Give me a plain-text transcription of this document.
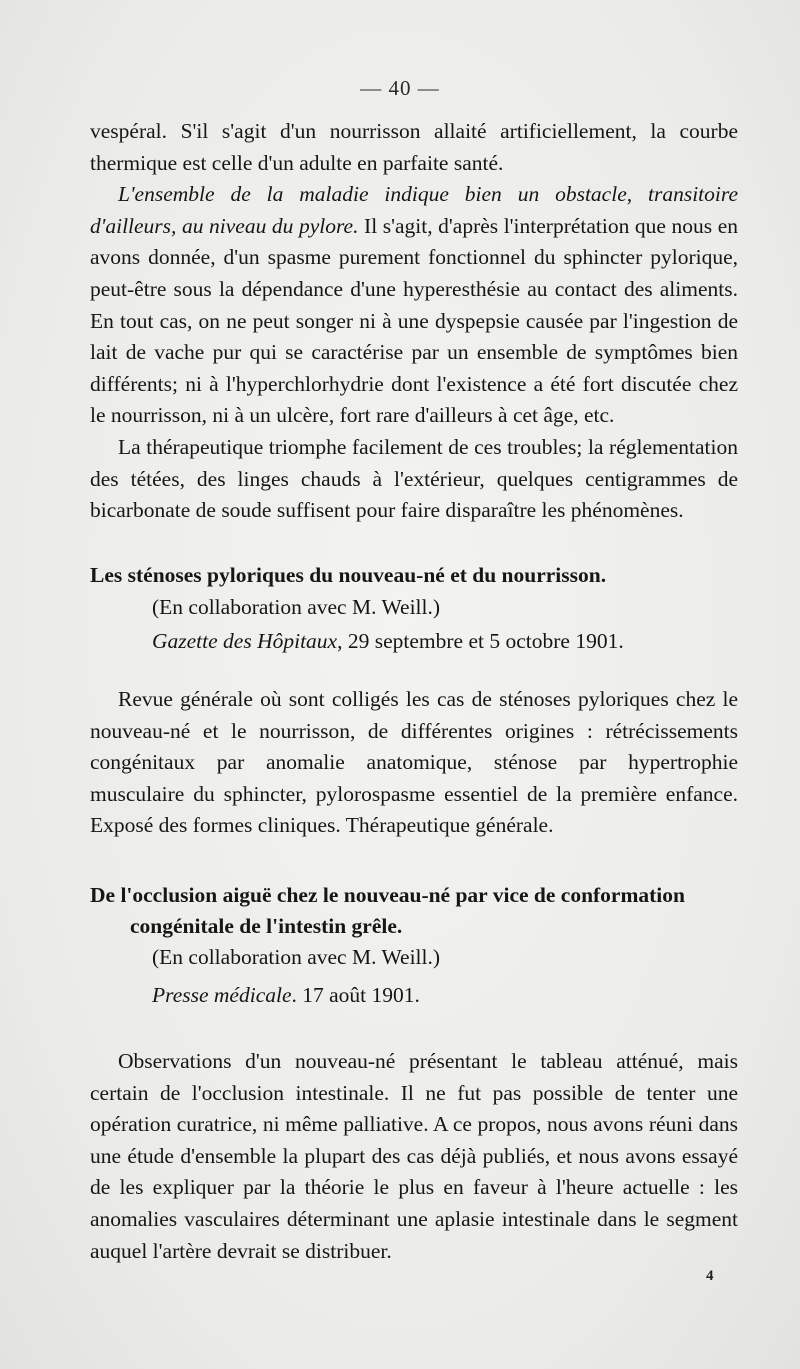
— 40 —

vespéral. S'il s'agit d'un nourrisson allaité artificiellement, la courbe thermique est celle d'un adulte en parfaite santé.

L'ensemble de la maladie indique bien un obstacle, transitoire d'ailleurs, au niveau du pylore. Il s'agit, d'après l'interprétation que nous en avons donnée, d'un spasme purement fonctionnel du sphincter pylorique, peut-être sous la dépendance d'une hyperesthésie au contact des aliments. En tout cas, on ne peut songer ni à une dyspepsie causée par l'ingestion de lait de vache pur qui se caractérise par un ensemble de symptômes bien différents; ni à l'hyperchlorhydrie dont l'existence a été fort discutée chez le nourrisson, ni à un ulcère, fort rare d'ailleurs à cet âge, etc.

La thérapeutique triomphe facilement de ces troubles; la réglementation des tétées, des linges chauds à l'extérieur, quelques centigrammes de bicarbonate de soude suffisent pour faire disparaître les phénomènes.

Les sténoses pyloriques du nouveau-né et du nourrisson.
(En collaboration avec M. Weill.)
Gazette des Hôpitaux, 29 septembre et 5 octobre 1901.

Revue générale où sont colligés les cas de sténoses pyloriques chez le nouveau-né et le nourrisson, de différentes origines : rétrécissements congénitaux par anomalie anatomique, sténose par hypertrophie musculaire du sphincter, pylorospasme essentiel de la première enfance. Exposé des formes cliniques. Thérapeutique générale.

De l'occlusion aiguë chez le nouveau-né par vice de conformation
congénitale de l'intestin grêle.
(En collaboration avec M. Weill.)
Presse médicale. 17 août 1901.

Observations d'un nouveau-né présentant le tableau atténué, mais certain de l'occlusion intestinale. Il ne fut pas possible de tenter une opération curatrice, ni même palliative. A ce propos, nous avons réuni dans une étude d'ensemble la plupart des cas déjà publiés, et nous avons essayé de les expliquer par la théorie le plus en faveur à l'heure actuelle : les anomalies vasculaires déterminant une aplasie intestinale dans le segment auquel l'artère devrait se distribuer.

4
